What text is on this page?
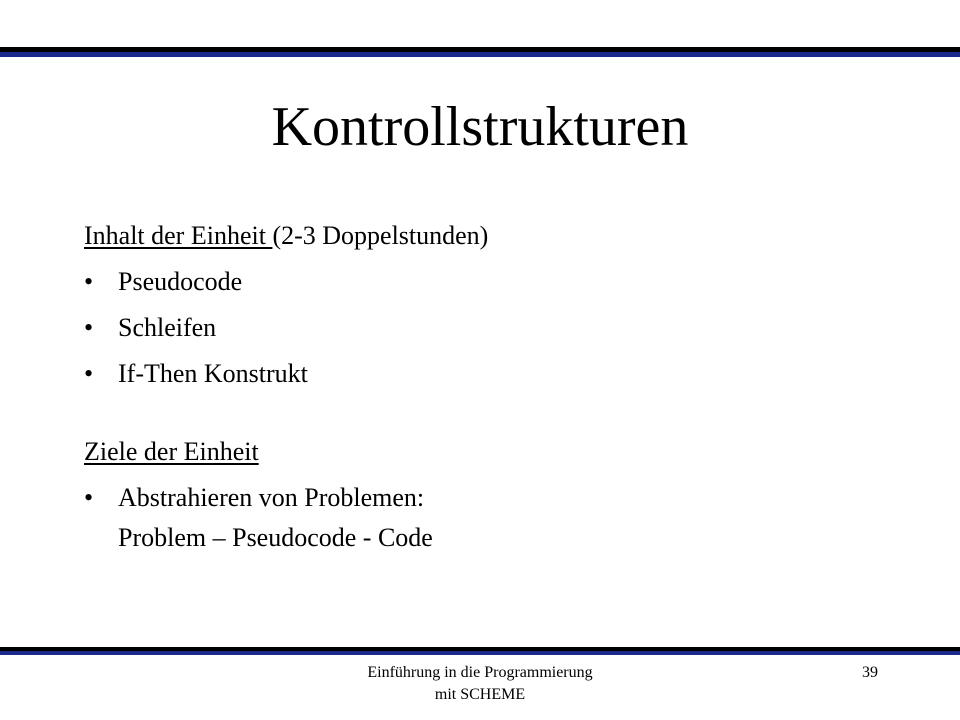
Kontrollstrukturen
Inhalt der Einheit (2-3 Doppelstunden)
• Pseudocode
• Schleifen
• If-Then Konstrukt
Ziele der Einheit
• Abstrahieren von Problemen:
Problem – Pseudocode - Code
Einführung in die Programmierung
mit SCHEME
39
